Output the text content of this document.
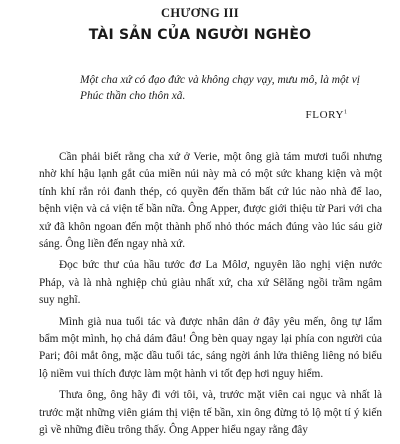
CHƯƠNG III
TÀI SẢN CỦA NGƯỜI NGHÈO
Một cha xứ có đạo đức và không chạy vạy, mưu mô, là một vị Phúc thần cho thôn xã.
FLORY$^1$

Cần phải biết rằng cha xứ ở Verie, một ông già tám mươi tuổi nhưng nhờ khí hậu lạnh gắt của miền núi này mà có một sức khang kiện và một tính khí rắn rỏi đanh thép, có quyền đến thăm bất cứ lúc nào nhà để lao, bệnh viện và cả viện tế bần nữa. Ông Apper, được giới thiệu từ Pari với cha xứ đã khôn ngoan đến một thành phố nhỏ thóc mách đúng vào lúc sáu giờ sáng. Ông liền đến ngay nhà xứ.

Đọc bức thư của hầu tước đơ La Môlơ, nguyên lão nghị viện nước Pháp, và là nhà nghiệp chủ giàu nhất xứ, cha xứ Sêlăng ngồi trầm ngâm suy nghĩ.

Mình già nua tuổi tác và được nhân dân ở đây yêu mến, ông tự lẩm bẩm một mình, họ chả dám đâu! Ông bèn quay ngay lại phía con người của Pari; đôi mắt ông, mặc dầu tuổi tác, sáng ngời ánh lửa thiêng liêng nó biểu lộ niềm vui thích được làm một hành vi tốt đẹp hơi nguy hiểm.

Thưa ông, ông hãy đi với tôi, và, trước mặt viên cai ngục và nhất là trước mặt những viên giám thị viện tế bần, xin ông đừng tỏ lộ một tí ý kiến gì về những điều trông thấy. Ông Apper hiểu ngay rằng đây
